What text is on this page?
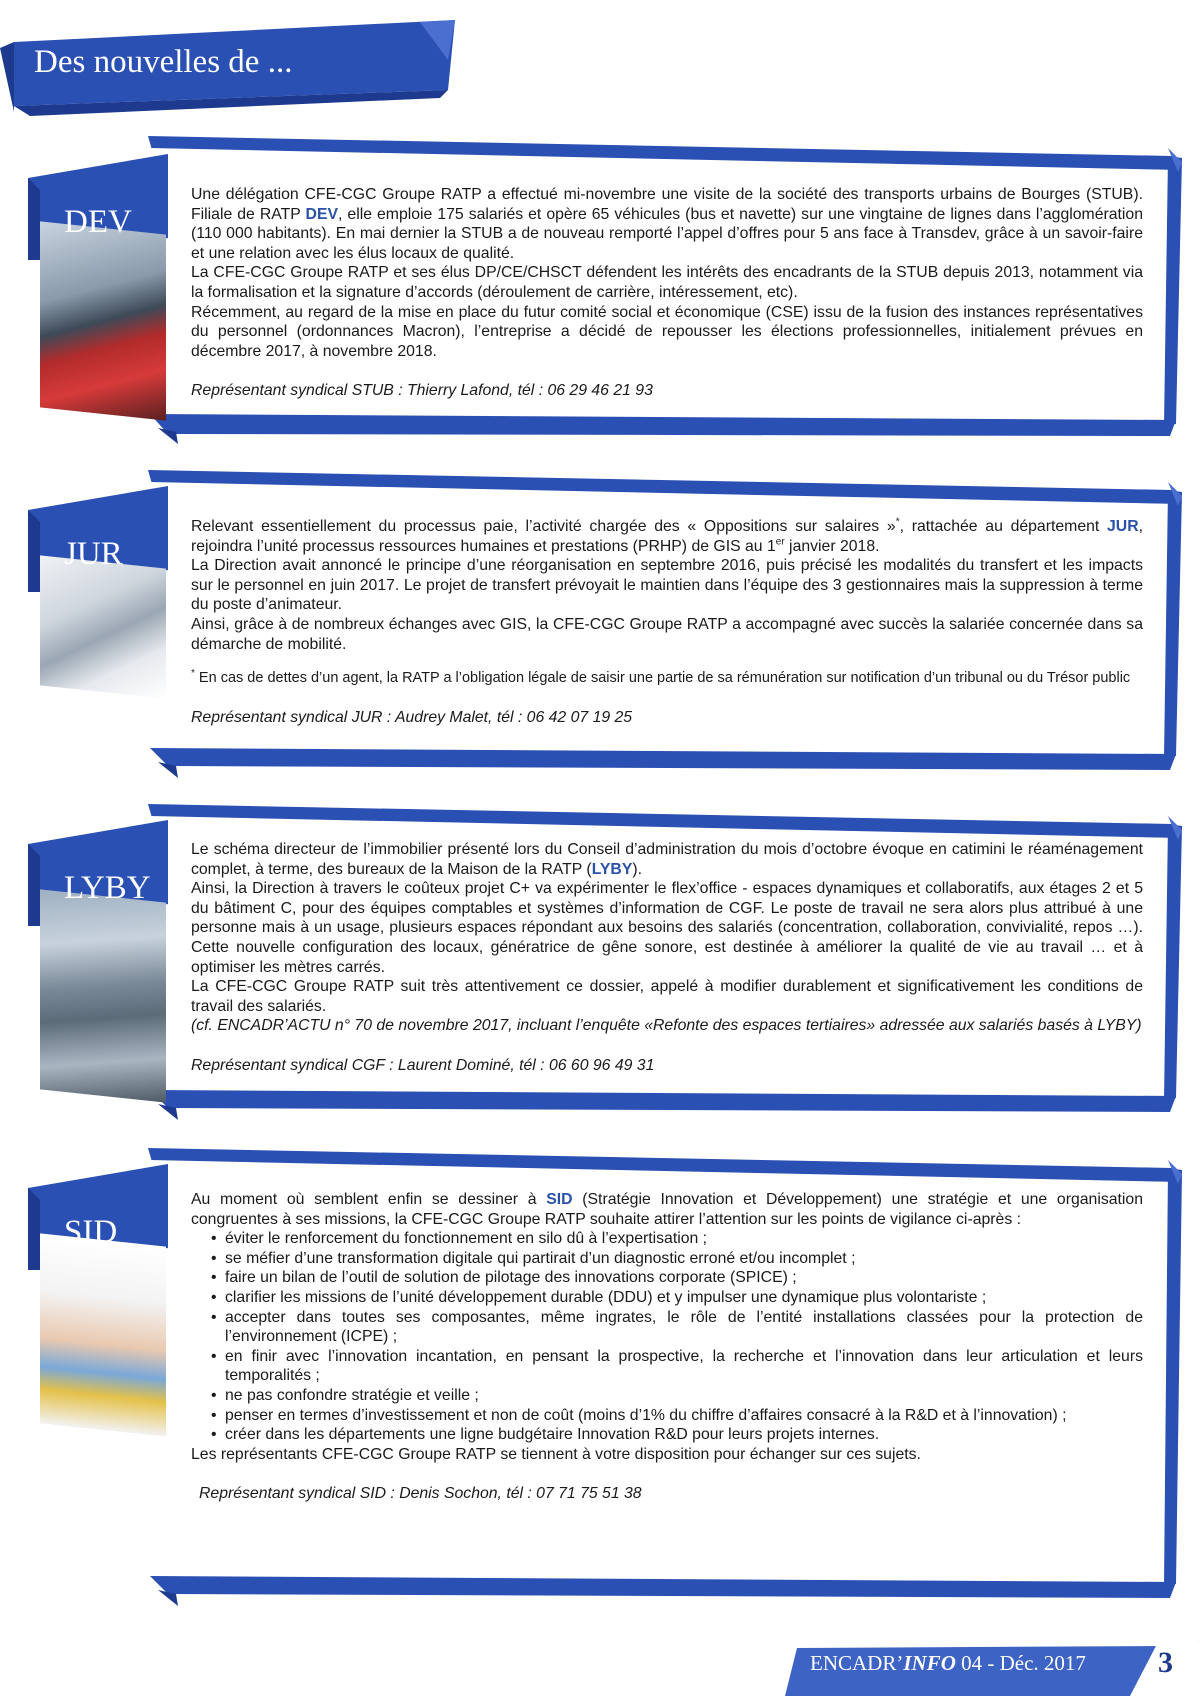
Des nouvelles de ...
DEV

Une délégation CFE-CGC Groupe RATP a effectué mi-novembre une visite de la société des transports urbains de Bourges (STUB). Filiale de RATP DEV, elle emploie 175 salariés et opère 65 véhicules (bus et navette) sur une vingtaine de lignes dans l’agglomération (110 000 habitants). En mai dernier la STUB a de nouveau remporté l’appel d’offres pour 5 ans face à Transdev, grâce à un savoir-faire et une relation avec les élus locaux de qualité.

La CFE-CGC Groupe RATP et ses élus DP/CE/CHSCT défendent les intérêts des encadrants de la STUB depuis 2013, notamment via la formalisation et la signature d’accords (déroulement de carrière, intéressement, etc).

Récemment, au regard de la mise en place du futur comité social et économique (CSE) issu de la fusion des instances représentatives du personnel (ordonnances Macron), l’entreprise a décidé de repousser les élections professionnelles, initialement prévues en décembre 2017, à novembre 2018.

Représentant syndical STUB : Thierry Lafond, tél : 06 29 46 21 93

JUR

Relevant essentiellement du processus paie, l’activité chargée des « Oppositions sur salaires »*, rattachée au département JUR, rejoindra l’unité processus ressources humaines et prestations (PRHP) de GIS au 1er janvier 2018.

La Direction avait annoncé le principe d’une réorganisation en septembre 2016, puis précisé les modalités du transfert et les impacts sur le personnel en juin 2017. Le projet de transfert prévoyait le maintien dans l’équipe des 3 gestionnaires mais la suppression à terme du poste d’animateur.

Ainsi, grâce à de nombreux échanges avec GIS, la CFE-CGC Groupe RATP a accompagné avec succès la salariée concernée dans sa démarche de mobilité.

* En cas de dettes d’un agent, la RATP a l’obligation légale de saisir une partie de sa rémunération sur notification d’un tribunal ou du Trésor public

Représentant syndical JUR : Audrey Malet, tél : 06 42 07 19 25

LYBY

Le schéma directeur de l’immobilier présenté lors du Conseil d’administration du mois d’octobre évoque en catimini le réaménagement complet, à terme, des bureaux de la Maison de la RATP (LYBY).

Ainsi, la Direction à travers le coûteux projet C+ va expérimenter le flex’office - espaces dynamiques et collaboratifs, aux étages 2 et 5 du bâtiment C, pour des équipes comptables et systèmes d’information de CGF. Le poste de travail ne sera alors plus attribué à une personne mais à un usage, plusieurs espaces répondant aux besoins des salariés (concentration, collaboration, convivialité, repos …). Cette nouvelle configuration des locaux, génératrice de gêne sonore, est destinée à améliorer la qualité de vie au travail … et à optimiser les mètres carrés.

La CFE-CGC Groupe RATP suit très attentivement ce dossier, appelé à modifier durablement et significativement les conditions de travail des salariés.

(cf. ENCADR’ACTU n° 70 de novembre 2017, incluant l’enquête «Refonte des espaces tertiaires» adressée aux salariés basés à LYBY)

Représentant syndical CGF : Laurent Dominé, tél : 06 60 96 49 31

SID

Au moment où semblent enfin se dessiner à SID (Stratégie Innovation et Développement) une stratégie et une organisation congruentes à ses missions, la CFE-CGC Groupe RATP souhaite attirer l’attention sur les points de vigilance ci-après :

• éviter le renforcement du fonctionnement en silo dû à l’expertisation ;
• se méfier d’une transformation digitale qui partirait d’un diagnostic erroné et/ou incomplet ;
• faire un bilan de l’outil de solution de pilotage des innovations corporate (SPICE) ;
• clarifier les missions de l’unité développement durable (DDU) et y impulser une dynamique plus volontariste ;
• accepter dans toutes ses composantes, même ingrates, le rôle de l’entité installations classées pour la protection de l’environnement (ICPE) ;
• en finir avec l’innovation incantation, en pensant la prospective, la recherche et l’innovation dans leur articulation et leurs temporalités ;
• ne pas confondre stratégie et veille ;
• penser en termes d’investissement et non de coût (moins d’1% du chiffre d’affaires consacré à la R&D et à l’innovation) ;
• créer dans les départements une ligne budgétaire Innovation R&D pour leurs projets internes.

Les représentants CFE-CGC Groupe RATP se tiennent à votre disposition pour échanger sur ces sujets.

Représentant syndical SID : Denis Sochon, tél : 07 71 75 51 38

ENCADR’INFO 04 - Déc. 2017 3
